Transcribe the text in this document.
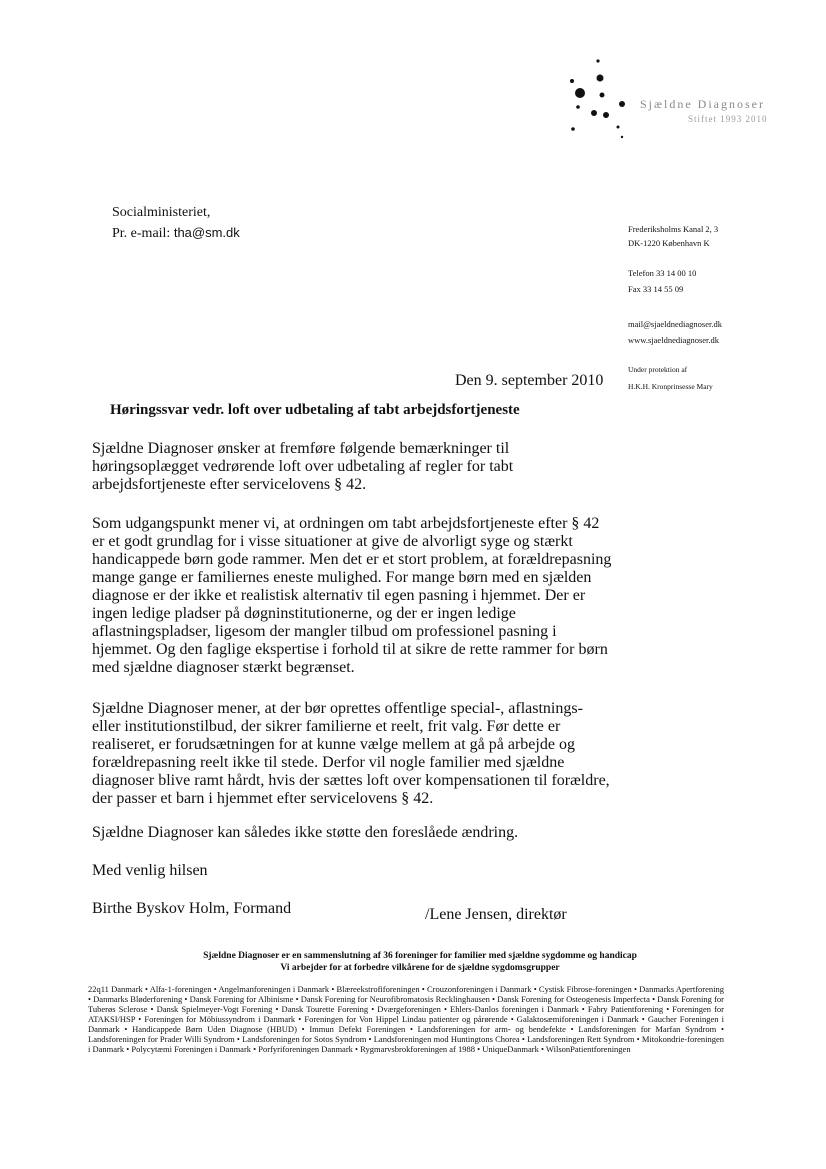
Sjældne Diagnoser
Stiftet 1993 2010
Socialministeriet,
Pr. e-mail: tha@sm.dk	Frederiksholms Kanal 2, 3
DK-1220 København K
Telefon 33 14 00 10
Fax 33 14 55 09
mail@sjaeldnediagnoser.dk
www.sjaeldnediagnoser.dk
Under protektion af
H.K.H. Kronprinsesse Mary
Den 9. september 2010
Høringssvar vedr. loft over udbetaling af tabt arbejdsfortjeneste

Sjældne Diagnoser ønsker at fremføre følgende bemærkninger til høringsoplægget vedrørende loft over udbetaling af regler for tabt arbejdsfortjeneste efter servicelovens § 42.

Som udgangspunkt mener vi, at ordningen om tabt arbejdsfortjeneste efter § 42 er et godt grundlag for i visse situationer at give de alvorligt syge og stærkt handicappede børn gode rammer. Men det er et stort problem, at forældrepasning mange gange er familiernes eneste mulighed. For mange børn med en sjælden diagnose er der ikke et realistisk alternativ til egen pasning i hjemmet. Der er ingen ledige pladser på døgninstitutionerne, og der er ingen ledige aflastningspladser, ligesom der mangler tilbud om professionel pasning i hjemmet. Og den faglige ekspertise i forhold til at sikre de rette rammer for børn med sjældne diagnoser stærkt begrænset.

Sjældne Diagnoser mener, at der bør oprettes offentlige special-, aflastnings- eller institutionstilbud, der sikrer familierne et reelt, frit valg. Før dette er realiseret, er forudsætningen for at kunne vælge mellem at gå på arbejde og forældrepasning reelt ikke til stede. Derfor vil nogle familier med sjældne diagnoser blive ramt hårdt, hvis der sættes loft over kompensationen til forældre, der passer et barn i hjemmet efter servicelovens § 42.

Sjældne Diagnoser kan således ikke støtte den foreslåede ændring.

Med venlig hilsen
Birthe Byskov Holm, Formand	/Lene Jensen, direktør
Sjældne Diagnoser er en sammenslutning af 36 foreninger for familier med sjældne sygdomme og handicap
Vi arbejder for at forbedre vilkårene for de sjældne sygdomsgrupper
22q11 Danmark • Alfa-1-foreningen • Angelmanforeningen i Danmark • Blæreekstrofiforeningen • Crouzonforeningen i Danmark • Cystisk Fibrose-foreningen • Danmarks Apertforening • Danmarks Bløderforening • Dansk Forening for Albinisme • Dansk Forening for Neurofibromatosis Recklinghausen • Dansk Forening for Osteogenesis Imperfecta • Dansk Forening for Tuberøs Sclerose • Dansk Spielmeyer-Vogt Forening • Dansk Tourette Forening • Dværgeforeningen • Ehlers-Danlos foreningen i Danmark • Fabry Patientforening • Foreningen for ATAKSI/HSP • Foreningen for Möbiussyndrom i Danmark • Foreningen for Von Hippel Lindau patienter og pårørende • Galaktosæmiforeningen i Danmark • Gaucher Foreningen i Danmark • Handicappede Børn Uden Diagnose (HBUD) • Immun Defekt Foreningen • Landsforeningen for arm- og bendefekte • Landsforeningen for Marfan Syndrom • Landsforeningen for Prader Willi Syndrom • Landsforeningen for Sotos Syndrom • Landsforeningen mod Huntingtons Chorea • Landsforeningen Rett Syndrom • Mitokondrie-foreningen i Danmark • Polycytæmi Foreningen i Danmark • Porfyriforeningen Danmark • Rygmarvsbrokforeningen af 1988 • UniqueDanmark • WilsonPatientforeningen
